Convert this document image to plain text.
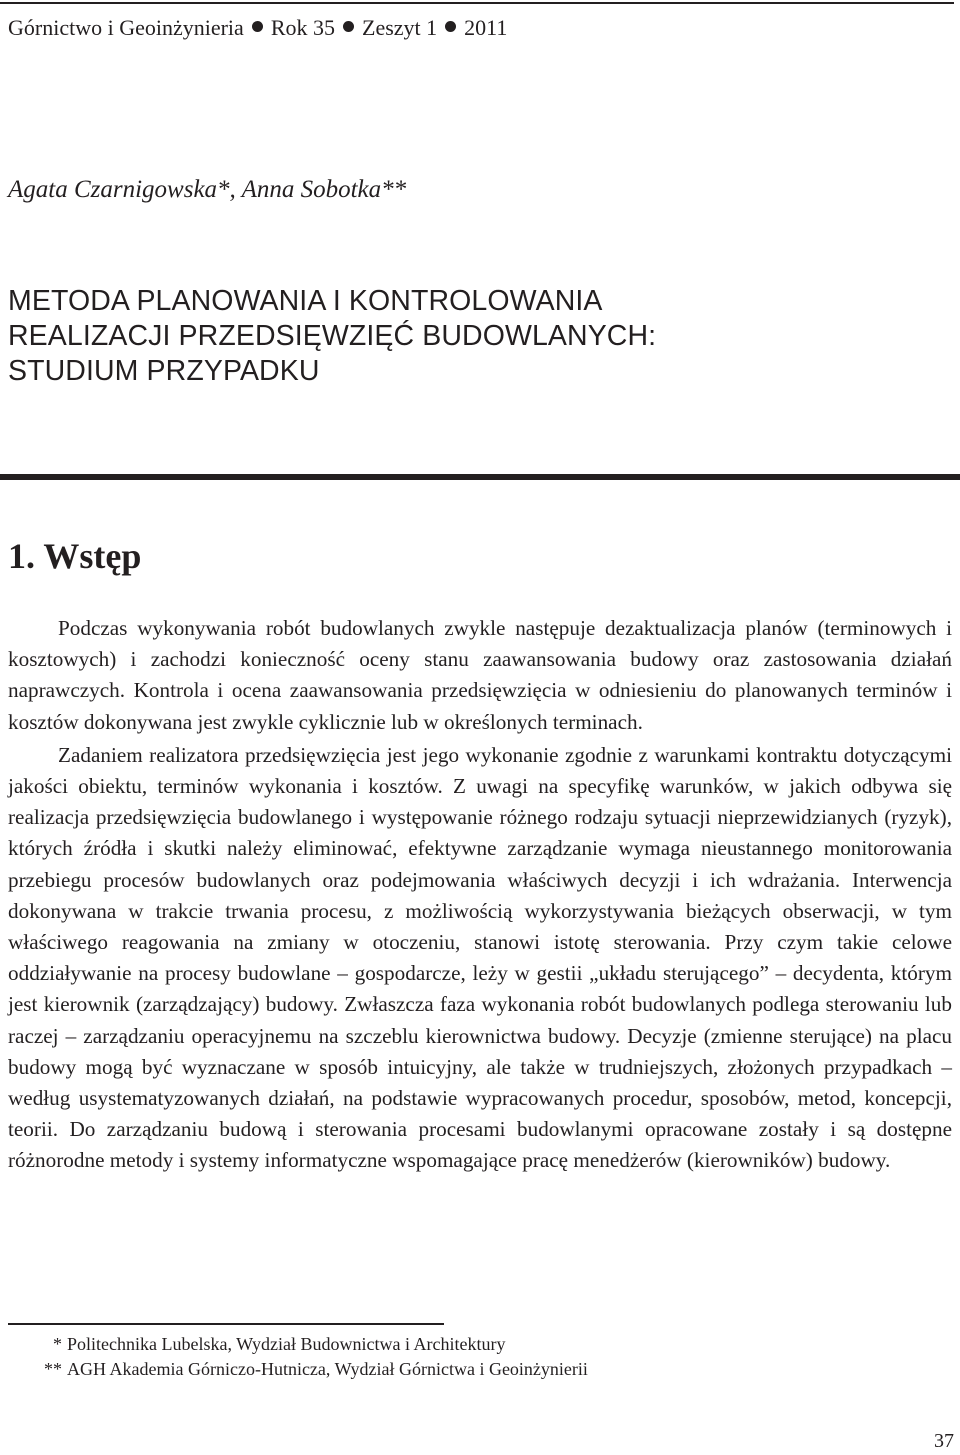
Górnictwo i Geoinżynieria Rok 35 Zeszyt 1 2011
Agata Czarnigowska*, Anna Sobotka**
METODA PLANOWANIA I KONTROLOWANIA
REALIZACJI PRZEDSIĘWZIĘĆ BUDOWLANYCH:
STUDIUM PRZYPADKU
1. Wstęp

Podczas wykonywania robót budowlanych zwykle następuje dezaktualizacja planów (terminowych i kosztowych) i zachodzi konieczność oceny stanu zaawansowania budowy oraz zastosowania działań naprawczych. Kontrola i ocena zaawansowania przedsięwzięcia w odniesieniu do planowanych terminów i kosztów dokonywana jest zwykle cyklicznie lub w określonych terminach.

Zadaniem realizatora przedsięwzięcia jest jego wykonanie zgodnie z warunkami kontraktu dotyczącymi jakości obiektu, terminów wykonania i kosztów. Z uwagi na specyfikę warunków, w jakich odbywa się realizacja przedsięwzięcia budowlanego i występowanie różnego rodzaju sytuacji nieprzewidzianych (ryzyk), których źródła i skutki należy eliminować, efektywne zarządzanie wymaga nieustannego monitorowania przebiegu procesów budowlanych oraz podejmowania właściwych decyzji i ich wdrażania. Interwencja dokonywana w trakcie trwania procesu, z możliwością wykorzystywania bieżących obserwacji, w tym właściwego reagowania na zmiany w otoczeniu, stanowi istotę sterowania. Przy czym takie celowe oddziaływanie na procesy budowlane – gospodarcze, leży w gestii „układu sterującego” – decydenta, którym jest kierownik (zarządzający) budowy. Zwłaszcza faza wykonania robót budowlanych podlega sterowaniu lub raczej – zarządzaniu operacyjnemu na szczeblu kierownictwa budowy. Decyzje (zmienne sterujące) na placu budowy mogą być wyznaczane w sposób intuicyjny, ale także w trudniejszych, złożonych przypadkach – według usystematyzowanych działań, na podstawie wypracowanych procedur, sposobów, metod, koncepcji, teorii. Do zarządzaniu budową i sterowania procesami budowlanymi opracowane zostały i są dostępne różnorodne metody i systemy informatyczne wspomagające pracę menedżerów (kierowników) budowy.

* Politechnika Lubelska, Wydział Budownictwa i Architektury
** AGH Akademia Górniczo-Hutnicza, Wydział Górnictwa i Geoinżynierii
37
